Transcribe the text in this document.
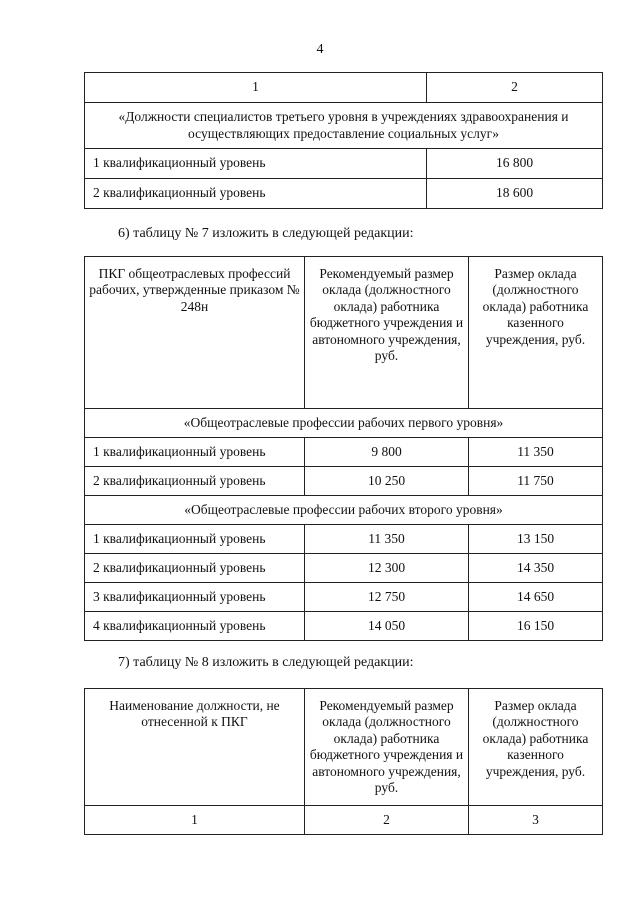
4
1	2
«Должности специалистов третьего уровня в учреждениях здравоохранения и осуществляющих предоставление социальных услуг»	
1 квалификационный уровень	16 800
2 квалификационный уровень	18 600
6) таблицу № 7 изложить в следующей редакции:
ПКГ общеотраслевых профессий рабочих, утвержденные приказом № 248н	Рекомендуемый размер оклада (должностного оклада) работника бюджетного учреждения и автономного учреждения, руб.	Размер оклада (должностного оклада) работника казенного учреждения, руб.
«Общеотраслевые профессии рабочих первого уровня»		
1 квалификационный уровень	9 800	11 350
2 квалификационный уровень	10 250	11 750
«Общеотраслевые профессии рабочих второго уровня»		
1 квалификационный уровень	11 350	13 150
2 квалификационный уровень	12 300	14 350
3 квалификационный уровень	12 750	14 650
4 квалификационный уровень	14 050	16 150
7) таблицу № 8 изложить в следующей редакции:
Наименование должности, не отнесенной к ПКГ	Рекомендуемый размер оклада (должностного оклада) работника бюджетного учреждения и автономного учреждения, руб.	Размер оклада (должностного оклада) работника казенного учреждения, руб.
1	2	3
